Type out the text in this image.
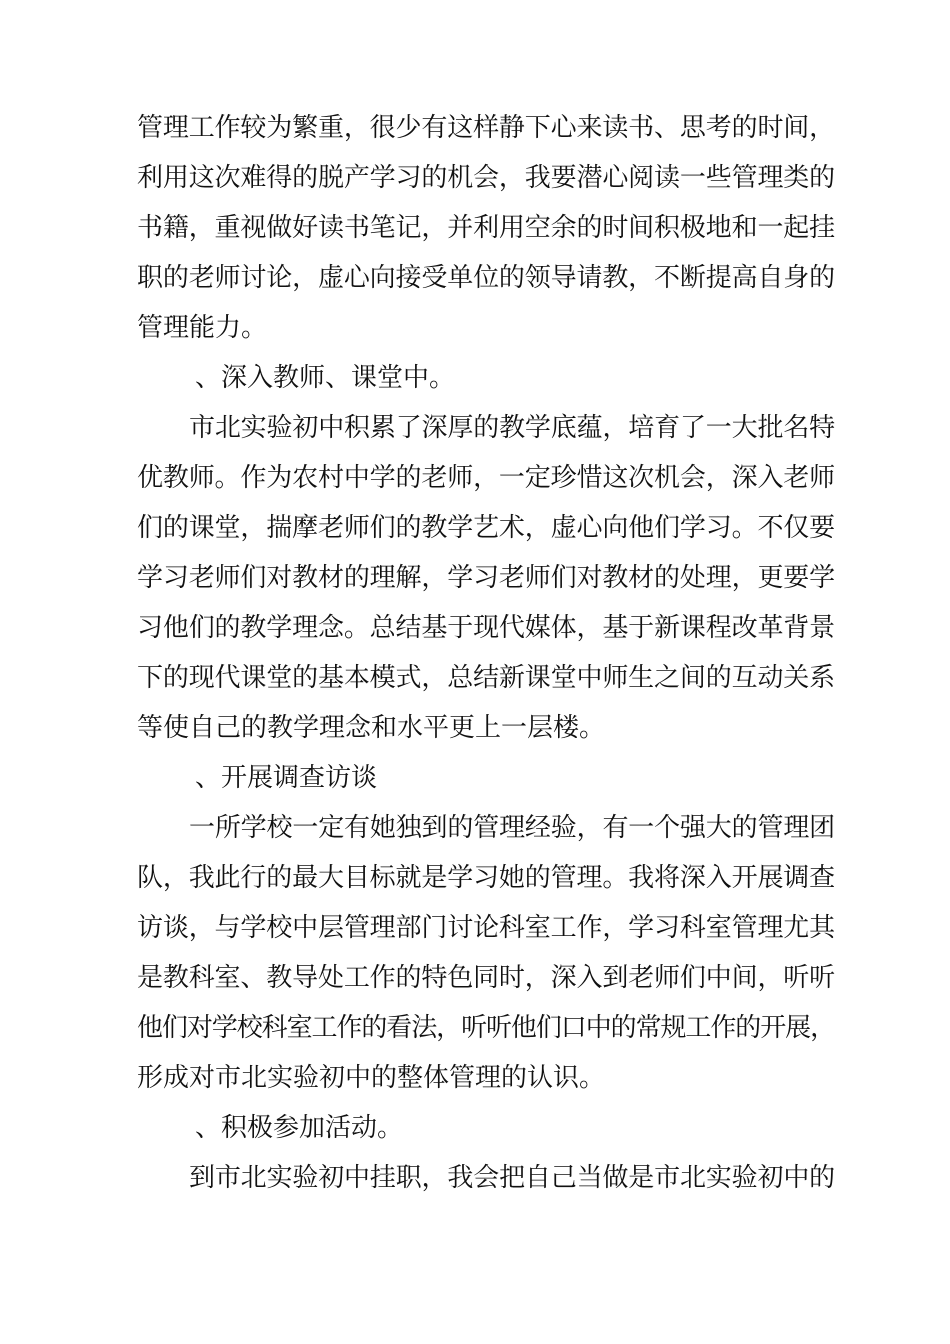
管理工作较为繁重，很少有这样静下心来读书、思考的时间，

利用这次难得的脱产学习的机会，我要潜心阅读一些管理类的

书籍，重视做好读书笔记，并利用空余的时间积极地和一起挂

职的老师讨论，虚心向接受单位的领导请教，不断提高自身的

管理能力。

、深入教师、课堂中。

市北实验初中积累了深厚的教学底蕴，培育了一大批名特

优教师。作为农村中学的老师，一定珍惜这次机会，深入老师

们的课堂，揣摩老师们的教学艺术，虚心向他们学习。不仅要

学习老师们对教材的理解，学习老师们对教材的处理，更要学

习他们的教学理念。总结基于现代媒体，基于新课程改革背景

下的现代课堂的基本模式，总结新课堂中师生之间的互动关系

等使自己的教学理念和水平更上一层楼。

、开展调查访谈

一所学校一定有她独到的管理经验，有一个强大的管理团

队，我此行的最大目标就是学习她的管理。我将深入开展调查

访谈，与学校中层管理部门讨论科室工作，学习科室管理尤其

是教科室、教导处工作的特色同时，深入到老师们中间，听听

他们对学校科室工作的看法，听听他们口中的常规工作的开展，

形成对市北实验初中的整体管理的认识。

、积极参加活动。

到市北实验初中挂职，我会把自己当做是市北实验初中的
